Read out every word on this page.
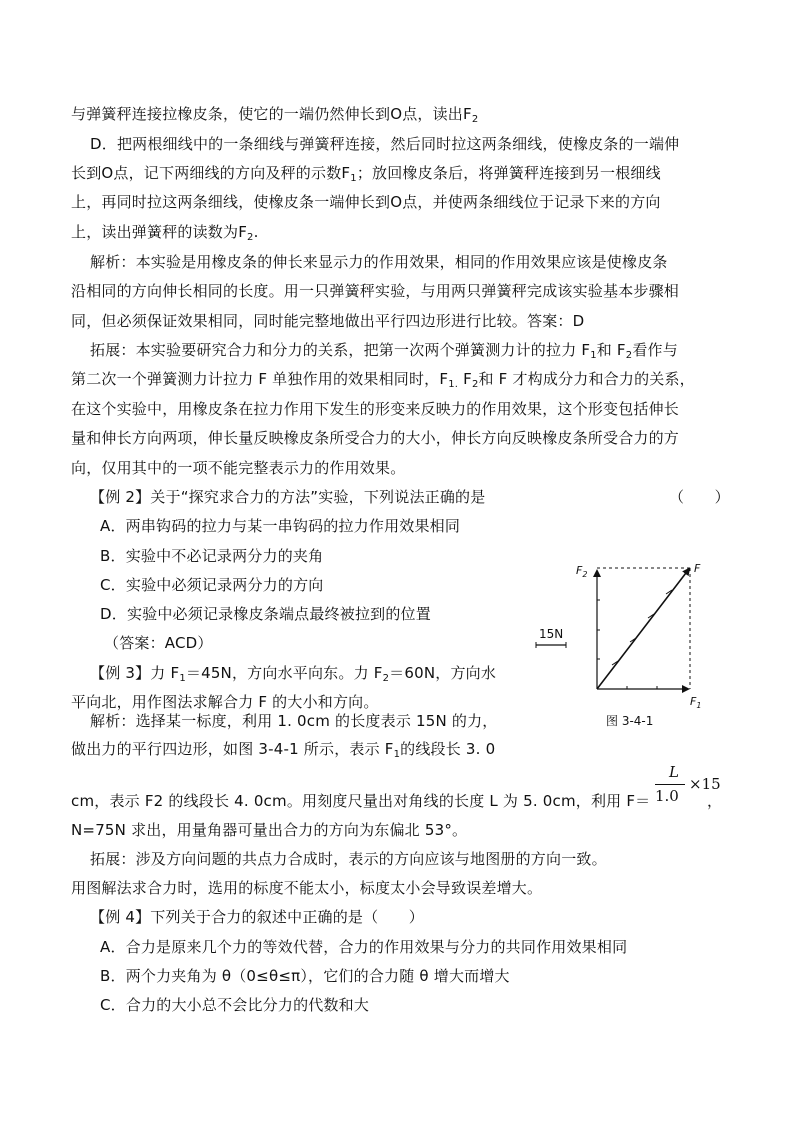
与弹簧秤连接拉橡皮条，使它的一端仍然伸长到O点，读出$F_2$
D．把两根细线中的一条细线与弹簧秤连接，然后同时拉这两条细线，使橡皮条的一端伸
长到O点，记下两细线的方向及秤的示数$F_1$；放回橡皮条后，将弹簧秤连接到另一根细线
上，再同时拉这两条细线，使橡皮条一端伸长到O点，并使两条细线位于记录下来的方向
上，读出弹簧秤的读数为$F_2$.
解析：本实验是用橡皮条的伸长来显示力的作用效果，相同的作用效果应该是使橡皮条
沿相同的方向伸长相同的长度。用一只弹簧秤实验，与用两只弹簧秤完成该实验基本步骤相
同，但必须保证效果相同，同时能完整地做出平行四边形进行比较。答案：D
拓展：本实验要研究合力和分力的关系，把第一次两个弹簧测力计的拉力 $F_1$和 $F_2$看作与
第二次一个弹簧测力计拉力 F 单独作用的效果相同时，$F_{1.}$ $F_2$和 F 才构成分力和合力的关系，
在这个实验中，用橡皮条在拉力作用下发生的形变来反映力的作用效果，这个形变包括伸长
量和伸长方向两项，伸长量反映橡皮条所受合力的大小，伸长方向反映橡皮条所受合力的方
向，仅用其中的一项不能完整表示力的作用效果。
【例 2】关于“探究求合力的方法”实验，下列说法正确的是	（　　）
A．两串钩码的拉力与某一串钩码的拉力作用效果相同
B．实验中不必记录两分力的夹角
C．实验中必须记录两分力的方向
D．实验中必须记录橡皮条端点最终被拉到的位置
（答案：ACD）
【例 3】力 $F_1=45N$，方向水平向东。力 $F_2=60N$，方向水
平向北，用作图法求解合力 F 的大小和方向。
解析：选择某一标度，利用 1. 0cm 的长度表示 15N 的力，
做出力的平行四边形，如图 3-4-1 所示，表示 $F_1$的线段长 3. 0
cm，表示 F2 的线段长 4. 0cm。用刻度尺量出对角线的长度 L 为 5. 0cm，利用 F＝	，
L
1.0
×15
N=75N 求出，用量角器可量出合力的方向为东偏北 53°。
15N
$F_2$	F
$F_1$
图 3-4-1
拓展：涉及方向问题的共点力合成时，表示的方向应该与地图册的方向一致。
用图解法求合力时，选用的标度不能太小，标度太小会导致误差增大。
【例 4】下列关于合力的叙述中正确的是（　　）
A．合力是原来几个力的等效代替，合力的作用效果与分力的共同作用效果相同
B．两个力夹角为 θ（0≤θ≤π），它们的合力随 θ 增大而增大
C．合力的大小总不会比分力的代数和大
